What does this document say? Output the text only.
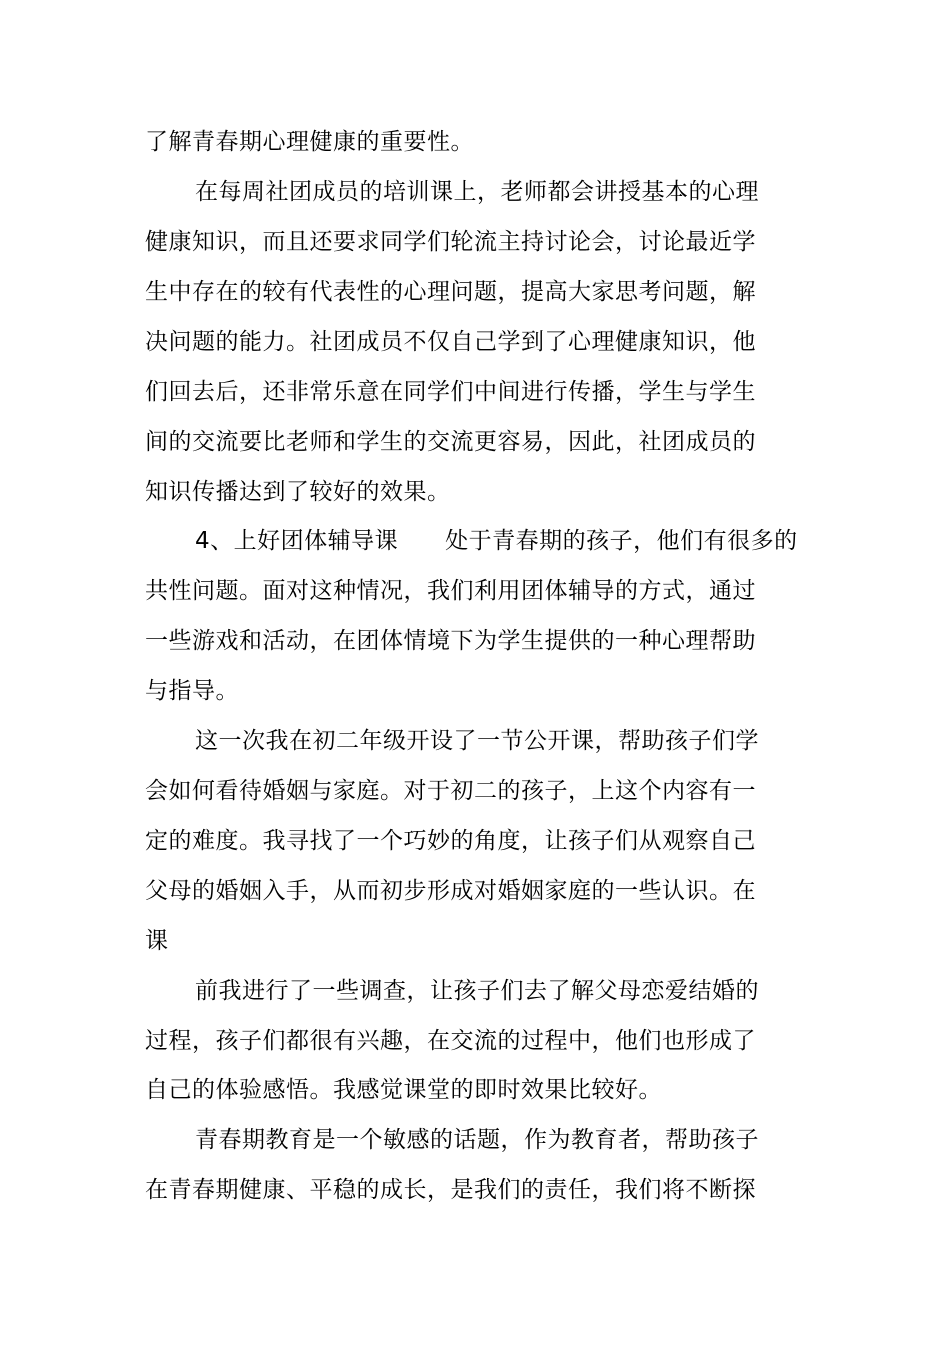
了解青春期心理健康的重要性。
在每周社团成员的培训课上，老师都会讲授基本的心理
健康知识，而且还要求同学们轮流主持讨论会，讨论最近学
生中存在的较有代表性的心理问题，提高大家思考问题，解
决问题的能力。社团成员不仅自己学到了心理健康知识，他
们回去后，还非常乐意在同学们中间进行传播，学生与学生
间的交流要比老师和学生的交流更容易，因此，社团成员的
知识传播达到了较好的效果。
4、上好团体辅导课　　处于青春期的孩子，他们有很多的
共性问题。面对这种情况，我们利用团体辅导的方式，通过
一些游戏和活动，在团体情境下为学生提供的一种心理帮助
与指导。
这一次我在初二年级开设了一节公开课，帮助孩子们学
会如何看待婚姻与家庭。对于初二的孩子，上这个内容有一
定的难度。我寻找了一个巧妙的角度，让孩子们从观察自己
父母的婚姻入手，从而初步形成对婚姻家庭的一些认识。在
课
前我进行了一些调查，让孩子们去了解父母恋爱结婚的
过程，孩子们都很有兴趣，在交流的过程中，他们也形成了
自己的体验感悟。我感觉课堂的即时效果比较好。
青春期教育是一个敏感的话题，作为教育者，帮助孩子
在青春期健康、平稳的成长，是我们的责任，我们将不断探
